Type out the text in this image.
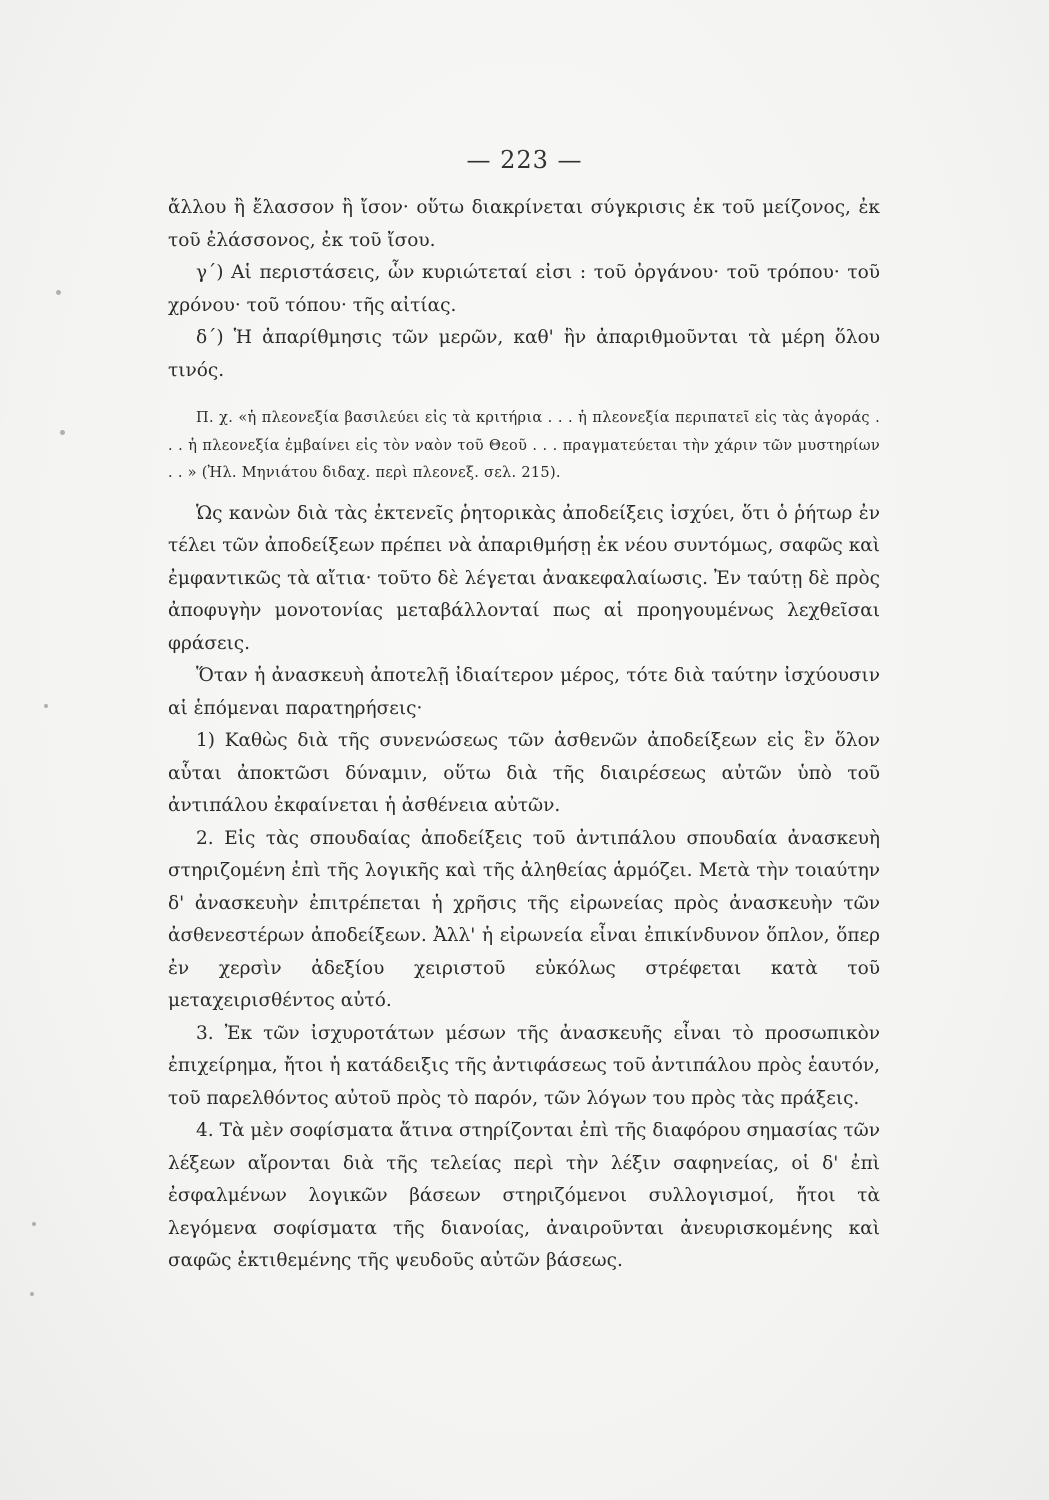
— 223 —

ἄλλου ἢ ἔλασσον ἢ ἴσον· οὕτω διακρίνεται σύγκρισις ἐκ τοῦ μείζονος, ἐκ τοῦ ἐλάσσονος, ἐκ τοῦ ἴσου.

γ΄) Αἱ περιστάσεις, ὧν κυριώτεταί εἰσι : τοῦ ὀργάνου· τοῦ τρόπου· τοῦ χρόνου· τοῦ τόπου· τῆς αἰτίας.

δ΄) Ἡ ἀπαρίθμησις τῶν μερῶν, καθ' ἣν ἀπαριθμοῦνται τὰ μέρη ὅλου τινός.

Π. χ. «ἡ πλεονεξία βασιλεύει εἰς τὰ κριτήρια . . . ἡ πλεονεξία περιπατεῖ εἰς τὰς ἀγοράς . . . ἡ πλεονεξία ἐμβαίνει εἰς τὸν ναὸν τοῦ Θεοῦ . . . πραγματεύεται τὴν χάριν τῶν μυστηρίων . . » (Ἠλ. Μηνιάτου διδαχ. περὶ πλεονεξ. σελ. 215).

Ὡς κανὼν διὰ τὰς ἐκτενεῖς ῥητορικὰς ἀποδείξεις ἰσχύει, ὅτι ὁ ῥήτωρ ἐν τέλει τῶν ἀποδείξεων πρέπει νὰ ἀπαριθμήσῃ ἐκ νέου συντόμως, σαφῶς καὶ ἐμφαντικῶς τὰ αἴτια· τοῦτο δὲ λέγεται ἀνακεφαλαίωσις. Ἐν ταύτῃ δὲ πρὸς ἀποφυγὴν μονοτονίας μεταβάλλονταί πως αἱ προηγουμένως λεχθεῖσαι φράσεις.

Ὅταν ἡ ἀνασκευὴ ἀποτελῇ ἰδιαίτερον μέρος, τότε διὰ ταύτην ἰσχύουσιν αἱ ἑπόμεναι παρατηρήσεις·

1) Καθὼς διὰ τῆς συνενώσεως τῶν ἀσθενῶν ἀποδείξεων εἰς ἓν ὅλον αὗται ἀποκτῶσι δύναμιν, οὕτω διὰ τῆς διαιρέσεως αὐτῶν ὑπὸ τοῦ ἀντιπάλου ἐκφαίνεται ἡ ἀσθένεια αὐτῶν.

2. Εἰς τὰς σπουδαίας ἀποδείξεις τοῦ ἀντιπάλου σπουδαία ἀνασκευὴ στηριζομένη ἐπὶ τῆς λογικῆς καὶ τῆς ἀληθείας ἁρμόζει. Μετὰ τὴν τοιαύτην δ' ἀνασκευὴν ἐπιτρέπεται ἡ χρῆσις τῆς εἰρωνείας πρὸς ἀνασκευὴν τῶν ἀσθενεστέρων ἀποδείξεων. Ἀλλ' ἡ εἰρωνεία εἶναι ἐπικίνδυνον ὅπλον, ὅπερ ἐν χερσὶν ἀδεξίου χειριστοῦ εὐκόλως στρέφεται κατὰ τοῦ μεταχειρισθέντος αὐτό.

3. Ἐκ τῶν ἰσχυροτάτων μέσων τῆς ἀνασκευῆς εἶναι τὸ προσωπικὸν ἐπιχείρημα, ἤτοι ἡ κατάδειξις τῆς ἀντιφάσεως τοῦ ἀντιπάλου πρὸς ἑαυτόν, τοῦ παρελθόντος αὐτοῦ πρὸς τὸ παρόν, τῶν λόγων του πρὸς τὰς πράξεις.

4. Τὰ μὲν σοφίσματα ἅτινα στηρίζονται ἐπὶ τῆς διαφόρου σημασίας τῶν λέξεων αἴρονται διὰ τῆς τελείας περὶ τὴν λέξιν σαφηνείας, οἱ δ' ἐπὶ ἐσφαλμένων λογικῶν βάσεων στηριζόμενοι συλλογισμοί, ἤτοι τὰ λεγόμενα σοφίσματα τῆς διανοίας, ἀναιροῦνται ἀνευρισκομένης καὶ σαφῶς ἐκτιθεμένης τῆς ψευδοῦς αὐτῶν βάσεως.
